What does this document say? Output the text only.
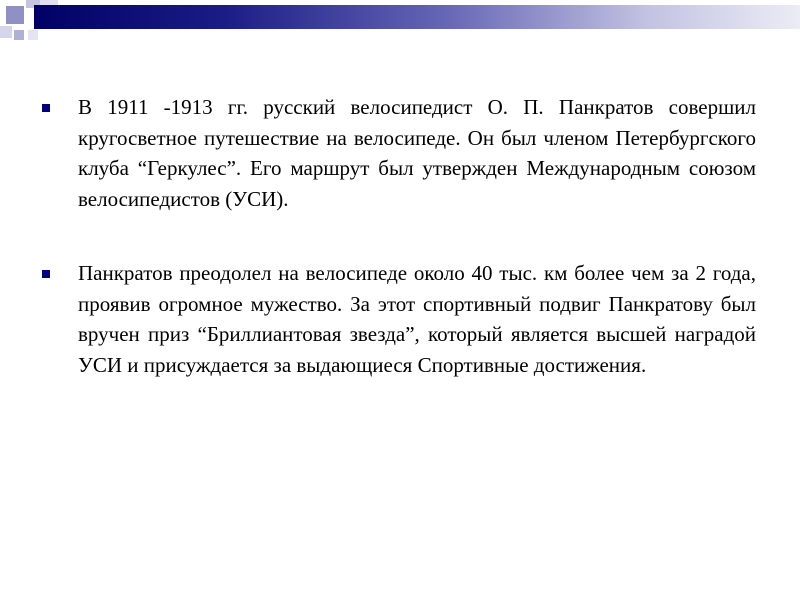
В 1911 -1913 гг. русский велосипедист О. П. Панкратов совершил кругосветное путешествие на велосипеде. Он был членом Петербургского клуба “Геркулес”. Его маршрут был утвержден Международным союзом велосипедистов (УСИ).
Панкратов преодолел на велосипеде около 40 тыс. км более чем за 2 года, проявив огромное мужество. За этот спортивный подвиг Панкратову был вручен приз “Бриллиантовая звезда”, который является высшей наградой УСИ и присуждается за выдающиеся Спортивные достижения.
